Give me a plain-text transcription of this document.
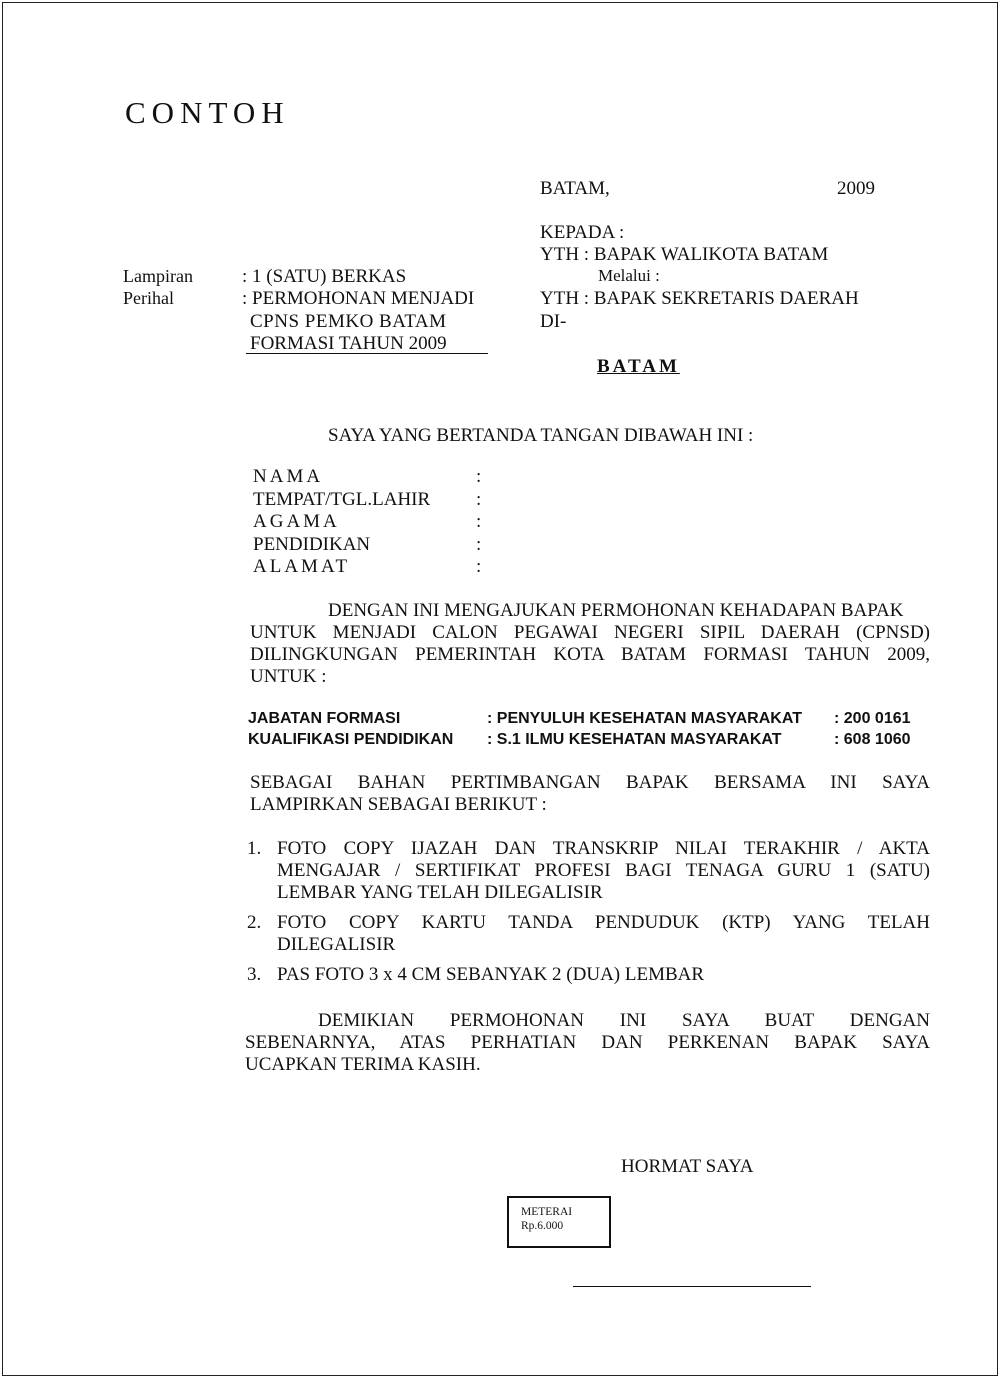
CONTOH
BATAM,	2009
KEPADA :
YTH : BAPAK WALIKOTA BATAM
Melalui :
YTH : BAPAK SEKRETARIS DAERAH
DI-
BATAM
Lampiran	: 1 (SATU) BERKAS
Perihal	: PERMOHONAN MENJADI
CPNS PEMKO BATAM
FORMASI TAHUN 2009
SAYA YANG BERTANDA TANGAN DIBAWAH INI :
NAMA	:
TEMPAT/TGL.LAHIR :
AGAMA	:
PENDIDIKAN	:
ALAMAT	:
DENGAN INI MENGAJUKAN PERMOHONAN KEHADAPAN BAPAK
UNTUK MENJADI CALON PEGAWAI NEGERI SIPIL DAERAH (CPNSD)
DILINGKUNGAN PEMERINTAH KOTA BATAM FORMASI TAHUN 2009,
UNTUK :
JABATAN FORMASI	: PENYULUH KESEHATAN MASYARAKAT : 200 0161
KUALIFIKASI PENDIDIKAN : S.1 ILMU KESEHATAN MASYARAKAT	: 608 1060
SEBAGAI BAHAN PERTIMBANGAN BAPAK BERSAMA INI SAYA
LAMPIRKAN SEBAGAI BERIKUT :
1. FOTO COPY IJAZAH DAN TRANSKRIP NILAI TERAKHIR / AKTA
MENGAJAR / SERTIFIKAT PROFESI BAGI TENAGA GURU 1 (SATU)
LEMBAR YANG TELAH DILEGALISIR
2. FOTO COPY KARTU TANDA PENDUDUK (KTP) YANG TELAH
DILEGALISIR
3. PAS FOTO 3 x 4 CM SEBANYAK 2 (DUA) LEMBAR
DEMIKIAN PERMOHONAN INI SAYA BUAT DENGAN
SEBENARNYA, ATAS PERHATIAN DAN PERKENAN BAPAK SAYA
UCAPKAN TERIMA KASIH.
HORMAT SAYA
METERAI
Rp.6.000
